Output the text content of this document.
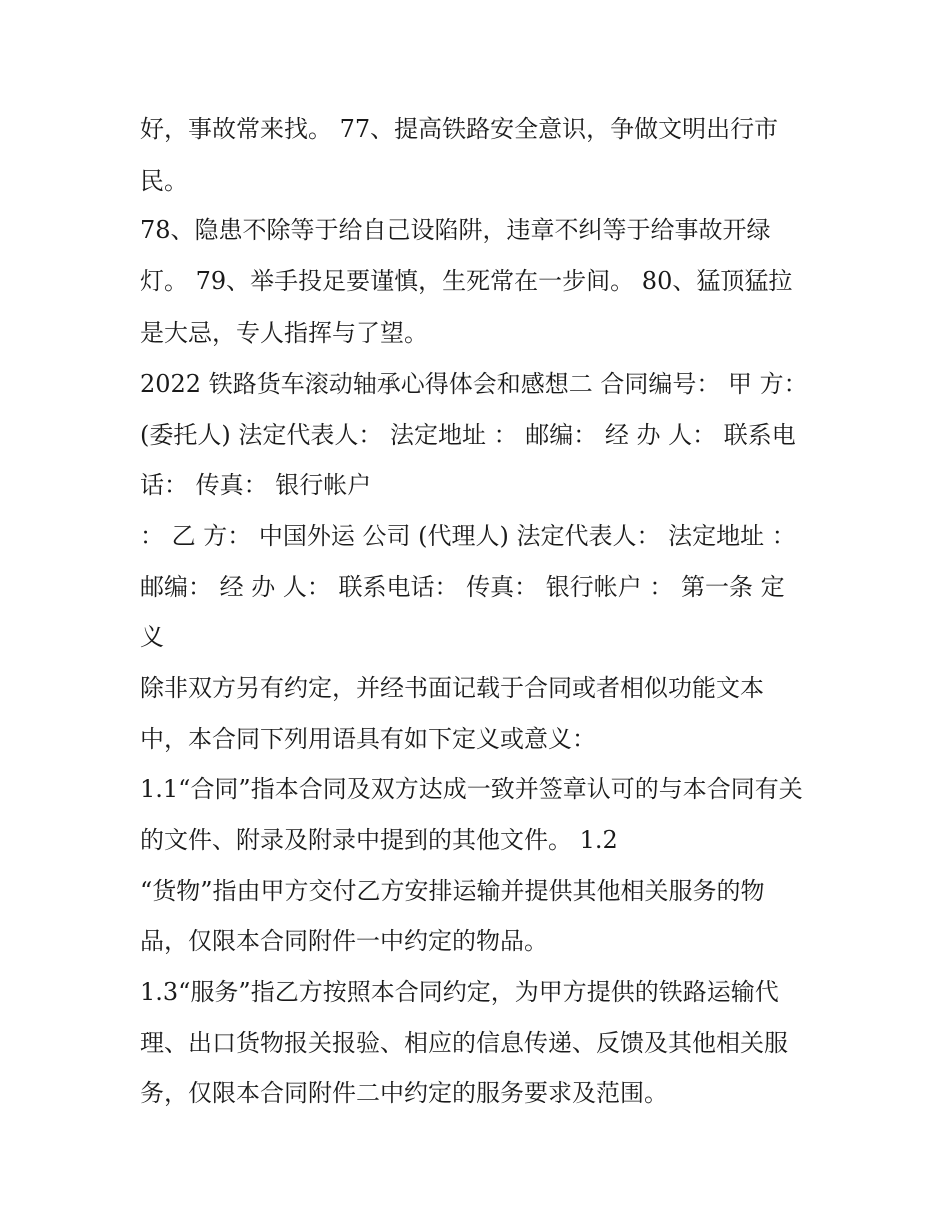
好，事故常来找。 77、提高铁路安全意识，争做文明出行市
民。
78、隐患不除等于给自己设陷阱，违章不纠等于给事故开绿
灯。 79、举手投足要谨慎，生死常在一步间。 80、猛顶猛拉
是大忌，专人指挥与了望。
2022 铁路货车滚动轴承心得体会和感想二 合同编号： 甲 方：
(委托人) 法定代表人： 法定地址 ： 邮编： 经 办 人： 联系电
话： 传真： 银行帐户
： 乙 方： 中国外运 公司 (代理人) 法定代表人： 法定地址 ：
邮编： 经 办 人： 联系电话： 传真： 银行帐户 ： 第一条 定
义
除非双方另有约定，并经书面记载于合同或者相似功能文本
中，本合同下列用语具有如下定义或意义：
1.1“合同”指本合同及双方达成一致并签章认可的与本合同有关
的文件、附录及附录中提到的其他文件。 1.2
“货物”指由甲方交付乙方安排运输并提供其他相关服务的物
品，仅限本合同附件一中约定的物品。
1.3“服务”指乙方按照本合同约定，为甲方提供的铁路运输代
理、出口货物报关报验、相应的信息传递、反馈及其他相关服
务，仅限本合同附件二中约定的服务要求及范围。
